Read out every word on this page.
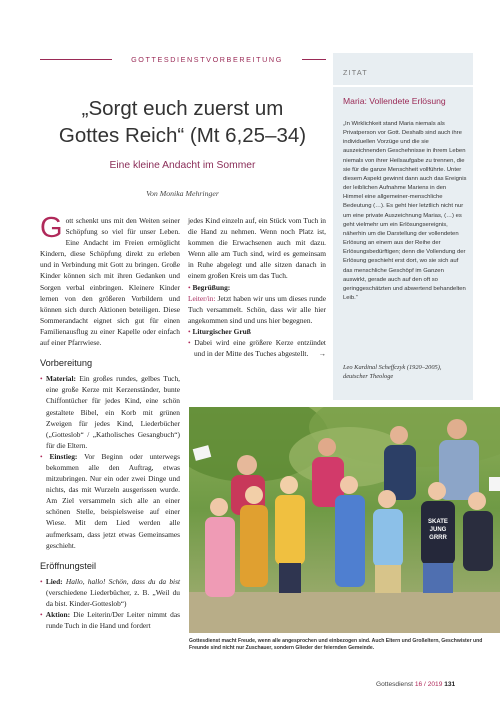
GOTTESDIENSTVORBEREITUNG
„Sorgt euch zuerst um
Gottes Reich“ (Mt 6,25–34)
Eine kleine Andacht im Sommer
Von Monika Mehringer

Gott schenkt uns mit den Weiten seiner Schöpfung so viel für unser Leben. Eine Andacht im Freien ermöglicht Kindern, diese Schöpfung direkt zu erleben und in Verbindung mit Gott zu bringen. Große Kinder können sich mit ihren Gedanken und Sorgen verbal einbringen. Kleinere Kinder lernen von den größeren Vorbildern und können sich durch Aktionen beteiligen. Diese Sommerandacht eignet sich gut für einen Familienausflug zu einer Kapelle oder einfach auf einer Pfarrwiese.

Vorbereitung

• Material: Ein großes rundes, gelbes Tuch, eine große Kerze mit Kerzenständer, bunte Chiffontücher für jedes Kind, eine schön gestaltete Bibel, ein Korb mit grünen Zweigen für jedes Kind, Liederbücher („Gotteslob“ / „Katholisches Gesangbuch“) für die Eltern.

• Einstieg: Vor Beginn oder unterwegs bekommen alle den Auftrag, etwas mitzubringen. Nur ein oder zwei Dinge und nichts, das mit Wurzeln ausgerissen wurde. Am Ziel versammeln sich alle an einer schönen Stelle, beispielsweise auf einer Wiese. Mit dem Lied werden alle aufmerksam, dass jetzt etwas Gemeinsames geschieht.

Eröffnungsteil

• Lied: Hallo, hallo! Schön, dass du da bist (verschiedene Liederbücher, z. B. „Weil du da bist. Kinder-Gotteslob“)

• Aktion: Die Leiterin/Der Leiter nimmt das runde Tuch in die Hand und fordert

jedes Kind einzeln auf, ein Stück vom Tuch in die Hand zu nehmen. Wenn noch Platz ist, kommen die Erwachsenen auch mit dazu. Wenn alle am Tuch sind, wird es gemeinsam in Ruhe abgelegt und alle sitzen danach in einem großen Kreis um das Tuch.

• Begrüßung:

Leiter/in: Jetzt haben wir uns um dieses runde Tuch versammelt. Schön, dass wir alle hier angekommen sind und uns hier begegnen.

• Liturgischer Gruß

• Dabei wird eine größere Kerze entzündet und in der Mitte des Tuches abgestellt. →

ZITAT
Maria: Vollendete Erlösung
„In Wirklichkeit stand Maria niemals als Privatperson vor Gott. Deshalb sind auch ihre individuellen Vorzüge und die sie auszeichnenden Geschehnisse in ihrem Leben niemals von ihrer Heilsaufgabe zu trennen, die sie für die ganze Menschheit vollführte. Unter diesem Aspekt gewinnt dann auch das Ereignis der leiblichen Aufnahme Mariens in den Himmel eine allgemeiner-menschliche Bedeutung (…). Es geht hier letztlich nicht nur um eine private Auszeichnung Marias, (…) es geht vielmehr um ein Erlösungsereignis, näherhin um die Darstellung der vollendeten Erlösung an einem aus der Reihe der Erlösungsbedürftigen; denn die Vollendung der Erlösung geschieht erst dort, wo sie sich auf das menschliche Geschöpf im Ganzen auswirkt, gerade auch auf den oft so geringgeschätzten und abwertend behandelten Leib.“
Leo Kardinal Scheffczyk (1920–2005),
deutscher Theologe
SKATE
JUNG
GRRR
Gottesdienst macht Freude, wenn alle angesprochen und einbezogen sind. Auch Eltern und Großeltern, Geschwister und Freunde sind nicht nur Zuschauer, sondern Glieder der feiernden Gemeinde.
Gottesdienst 16 / 2019 131
